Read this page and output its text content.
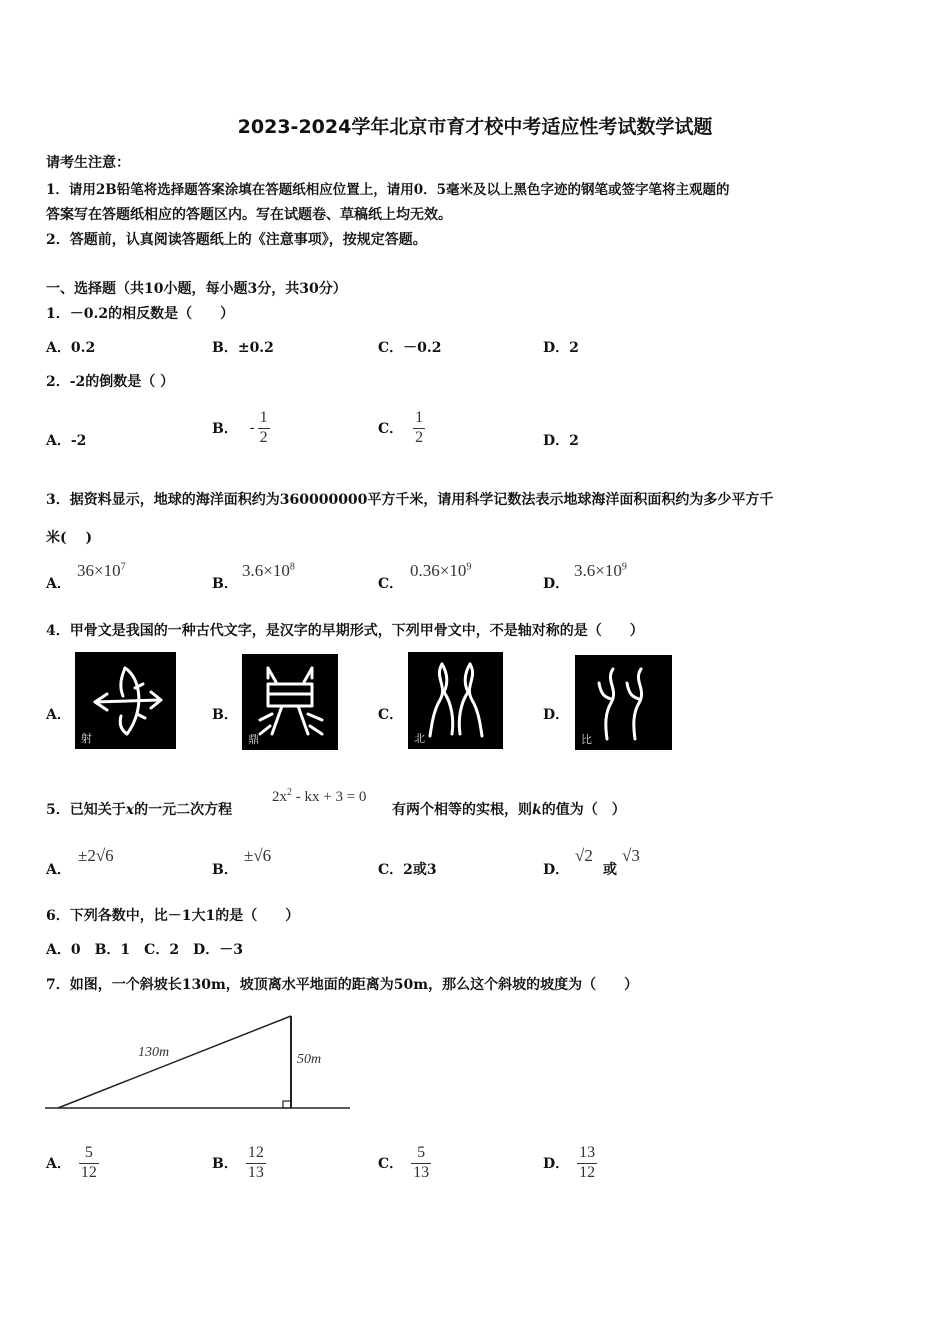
2023-2024学年北京市育才校中考适应性考试数学试题
请考生注意：
1．请用2B铅笔将选择题答案涂填在答题纸相应位置上，请用0．5毫米及以上黑色字迹的钢笔或签字笔将主观题的
答案写在答题纸相应的答题区内。写在试题卷、草稿纸上均无效。
2．答题前，认真阅读答题纸上的《注意事项》，按规定答题。
一、选择题（共10小题，每小题3分，共30分）
1．－0.2的相反数是（　　）
A．0.2	B．±0.2	C．－0.2	D．2
2．-2的倒数是（ ）
A．-2
B． - $\frac{1}{2}$	C． $\frac{1}{2}$	D．2
3．据资料显示，地球的海洋面积约为360000000平方千米，请用科学记数法表示地球海洋面积面积约为多少平方千
米(　 )
A．
$36\times 10^7$
B．
$3.6\times 10^8$
C．
$0.36\times 10^9$
D．
$3.6\times 10^9$
4．甲骨文是我国的一种古代文字，是汉字的早期形式，下列甲骨文中，不是轴对称的是（　　）
A．
射
B．
鼎
C．
北
D．
比
5．已知关于x的一元二次方程
$2x^2$ - kx + 3 = 0
有两个相等的实根，则k的值为（　）
A．
±2√6
B．
±√6
C．2或3	D．
√2
或
√3
6．下列各数中，比－1大1的是（　　）
A．0　B．1　C．2　D．－3
7．如图，一个斜坡长130m，坡顶离水平地面的距离为50m，那么这个斜坡的坡度为（　　）
130m	50m
A． $\frac{5}{12}$	B． $\frac{12}{13}$	C． $\frac{5}{13}$	D． $\frac{13}{12}$
